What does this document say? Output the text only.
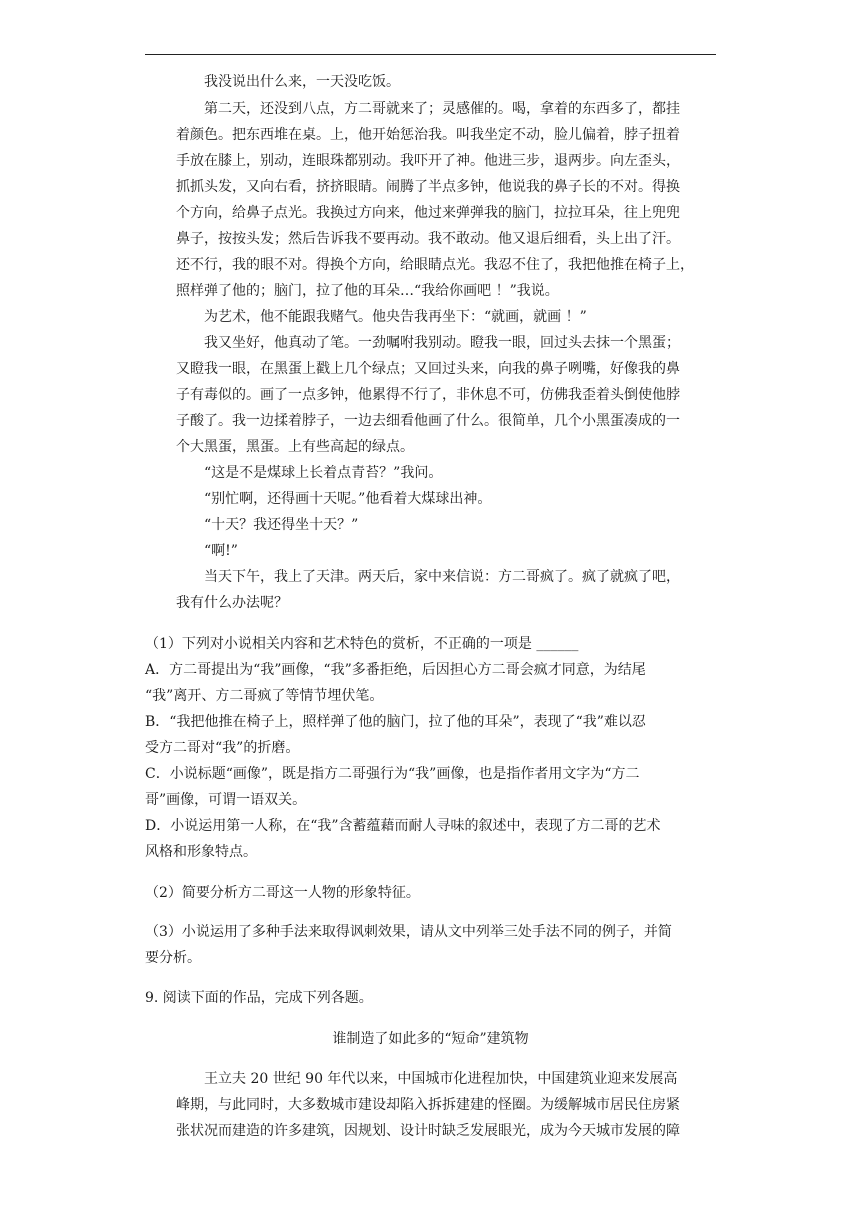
我没说出什么来，一天没吃饭。
第二天，还没到八点，方二哥就来了；灵感催的。喝，拿着的东西多了，都挂
着颜色。把东西堆在桌。上，他开始惩治我。叫我坐定不动，脸儿偏着，脖子扭着
手放在膝上，别动，连眼珠都别动。我吓开了神。他进三步，退两步。向左歪头，
抓抓头发，又向右看，挤挤眼睛。闹腾了半点多钟，他说我的鼻子长的不对。得换
个方向，给鼻子点光。我换过方向来，他过来弹弹我的脑门，拉拉耳朵，往上兜兜
鼻子，按按头发；然后告诉我不要再动。我不敢动。他又退后细看，头上出了汗。
还不行，我的眼不对。得换个方向，给眼睛点光。我忍不住了，我把他推在椅子上，
照样弹了他的；脑门，拉了他的耳朵…“我给你画吧 ！”我说。
为艺术，他不能跟我赌气。他央告我再坐下：“就画，就画 ！”
我又坐好，他真动了笔。一劲嘱咐我别动。瞪我一眼，回过头去抹一个黑蛋；
又瞪我一眼，在黑蛋上戳上几个绿点；又回过头来，向我的鼻子咧嘴，好像我的鼻
子有毒似的。画了一点多钟，他累得不行了，非休息不可，仿佛我歪着头倒使他脖
子酸了。我一边揉着脖子，一边去细看他画了什么。很简单，几个小黑蛋凑成的一
个大黑蛋，黑蛋。上有些高起的绿点。
“这是不是煤球上长着点青苔？”我问。
“别忙啊，还得画十天呢。”他看着大煤球出神。
“十天？我还得坐十天？”
“啊!”
当天下午，我上了天津。两天后，家中来信说：方二哥疯了。疯了就疯了吧，
我有什么办法呢？
（1）下列对小说相关内容和艺术特色的赏析，不正确的一项是 ______
A．方二哥提出为“我”画像，“我”多番拒绝，后因担心方二哥会疯才同意，为结尾
“我”离开、方二哥疯了等情节埋伏笔。
B．“我把他推在椅子上，照样弹了他的脑门，拉了他的耳朵”，表现了“我”难以忍
受方二哥对“我”的折磨。
C．小说标题“画像”，既是指方二哥强行为“我”画像，也是指作者用文字为“方二
哥”画像，可谓一语双关。
D．小说运用第一人称，在“我”含蓄蕴藉而耐人寻味的叙述中，表现了方二哥的艺术
风格和形象特点。
（2）简要分析方二哥这一人物的形象特征。
（3）小说运用了多种手法来取得讽刺效果，请从文中列举三处手法不同的例子，并简
要分析。
9. 阅读下面的作品，完成下列各题。
谁制造了如此多的“短命”建筑物
王立夫 20 世纪 90 年代以来，中国城市化进程加快，中国建筑业迎来发展高
峰期，与此同时，大多数城市建设却陷入拆拆建建的怪圈。为缓解城市居民住房紧
张状况而建造的许多建筑，因规划、设计时缺乏发展眼光，成为今天城市发展的障
